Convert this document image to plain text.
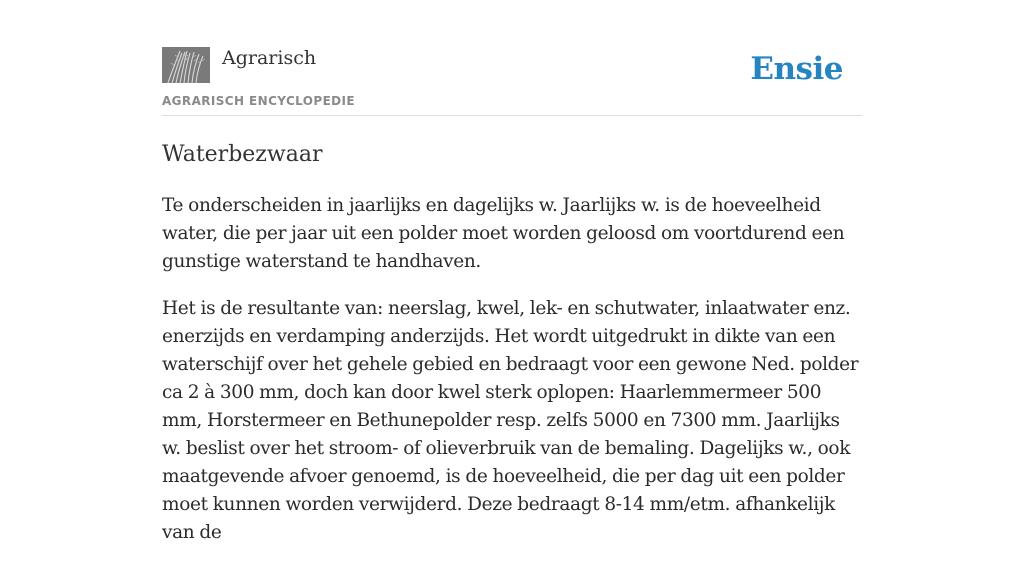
Agrarisch
AGRARISCH ENCYCLOPEDIE
Ensie
Waterbezwaar

Te onderscheiden in jaarlijks en dagelijks w. Jaarlijks w. is de hoeveelheid water, die per jaar uit een polder moet worden geloosd om voortdurend een gunstige waterstand te handhaven.

Het is de resultante van: neerslag, kwel, lek- en schutwater, inlaatwater enz. enerzijds en verdamping anderzijds. Het wordt uitgedrukt in dikte van een waterschijf over het gehele gebied en bedraagt voor een gewone Ned. polder ca 2 à 300 mm, doch kan door kwel sterk oplopen: Haarlemmermeer 500 mm, Horstermeer en Bethunepolder resp. zelfs 5000 en 7300 mm. Jaarlijks w. beslist over het stroom- of olieverbruik van de bemaling. Dagelijks w., ook maatgevende afvoer genoemd, is de hoeveelheid, die per dag uit een polder moet kunnen worden verwijderd. Deze bedraagt 8-14 mm/etm. afhankelijk van de
